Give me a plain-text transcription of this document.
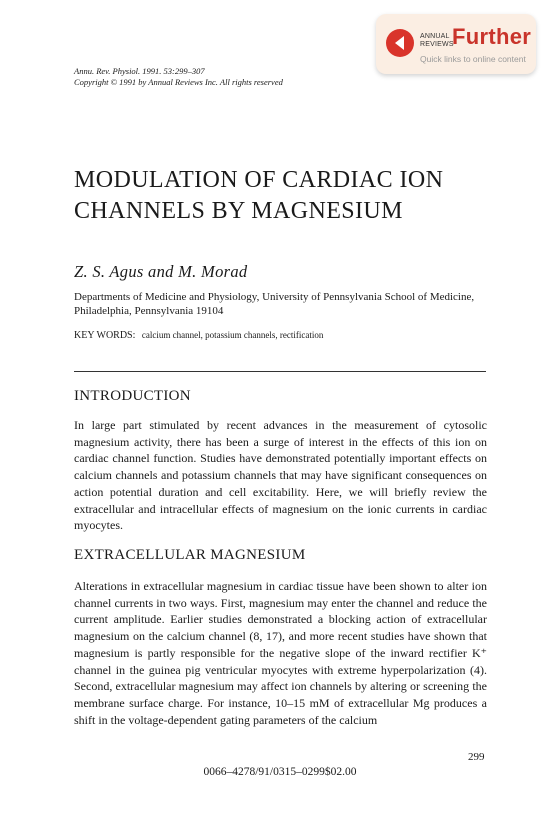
ANNUAL REVIEWS
Further
Quick links to online content
Annu. Rev. Physiol. 1991. 53:299–307
Copyright © 1991 by Annual Reviews Inc. All rights reserved
MODULATION OF CARDIAC ION CHANNELS BY MAGNESIUM
Z. S. Agus and M. Morad
Departments of Medicine and Physiology, University of Pennsylvania School of Medicine, Philadelphia, Pennsylvania 19104
KEY WORDS: calcium channel, potassium channels, rectification
INTRODUCTION

In large part stimulated by recent advances in the measurement of cytosolic magnesium activity, there has been a surge of interest in the effects of this ion on cardiac channel function. Studies have demonstrated potentially important effects on calcium channels and potassium channels that may have significant consequences on action potential duration and cell excitability. Here, we will briefly review the extracellular and intracellular effects of magnesium on the ionic currents in cardiac myocytes.

EXTRACELLULAR MAGNESIUM

Alterations in extracellular magnesium in cardiac tissue have been shown to alter ion channel currents in two ways. First, magnesium may enter the channel and reduce the current amplitude. Earlier studies demonstrated a blocking action of extracellular magnesium on the calcium channel (8, 17), and more recent studies have shown that magnesium is partly responsible for the negative slope of the inward rectifier K⁺ channel in the guinea pig ventricular myocytes with extreme hyperpolarization (4). Second, extracellular magnesium may affect ion channels by altering or screening the membrane surface charge. For instance, 10–15 mM of extracellular Mg produces a shift in the voltage-dependent gating parameters of the calcium

299
0066–4278/91/0315–0299$02.00
